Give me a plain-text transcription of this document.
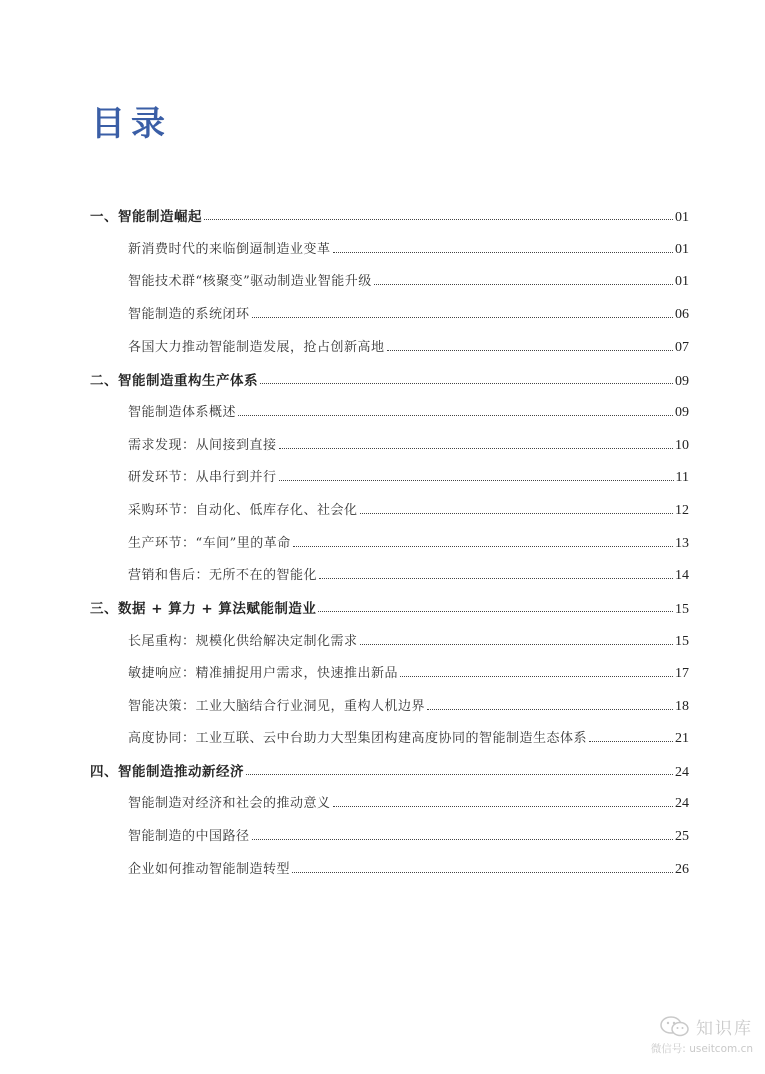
目录
一、智能制造崛起	01
新消费时代的来临倒逼制造业变革	01
智能技术群“核聚变”驱动制造业智能升级	01
智能制造的系统闭环	06
各国大力推动智能制造发展，抢占创新高地	07
二、智能制造重构生产体系	09
智能制造体系概述	09
需求发现：从间接到直接	10
研发环节：从串行到并行	11
采购环节：自动化、低库存化、社会化	12
生产环节：“车间”里的革命	13
营销和售后：无所不在的智能化	14
三、数据 + 算力 + 算法赋能制造业	15
长尾重构：规模化供给解决定制化需求	15
敏捷响应：精准捕捉用户需求，快速推出新品	17
智能决策：工业大脑结合行业洞见，重构人机边界	18
高度协同：工业互联、云中台助力大型集团构建高度协同的智能制造生态体系	21
四、智能制造推动新经济	24
智能制造对经济和社会的推动意义	24
智能制造的中国路径	25
企业如何推动智能制造转型	26
知识库
微信号: useitcom.cn
